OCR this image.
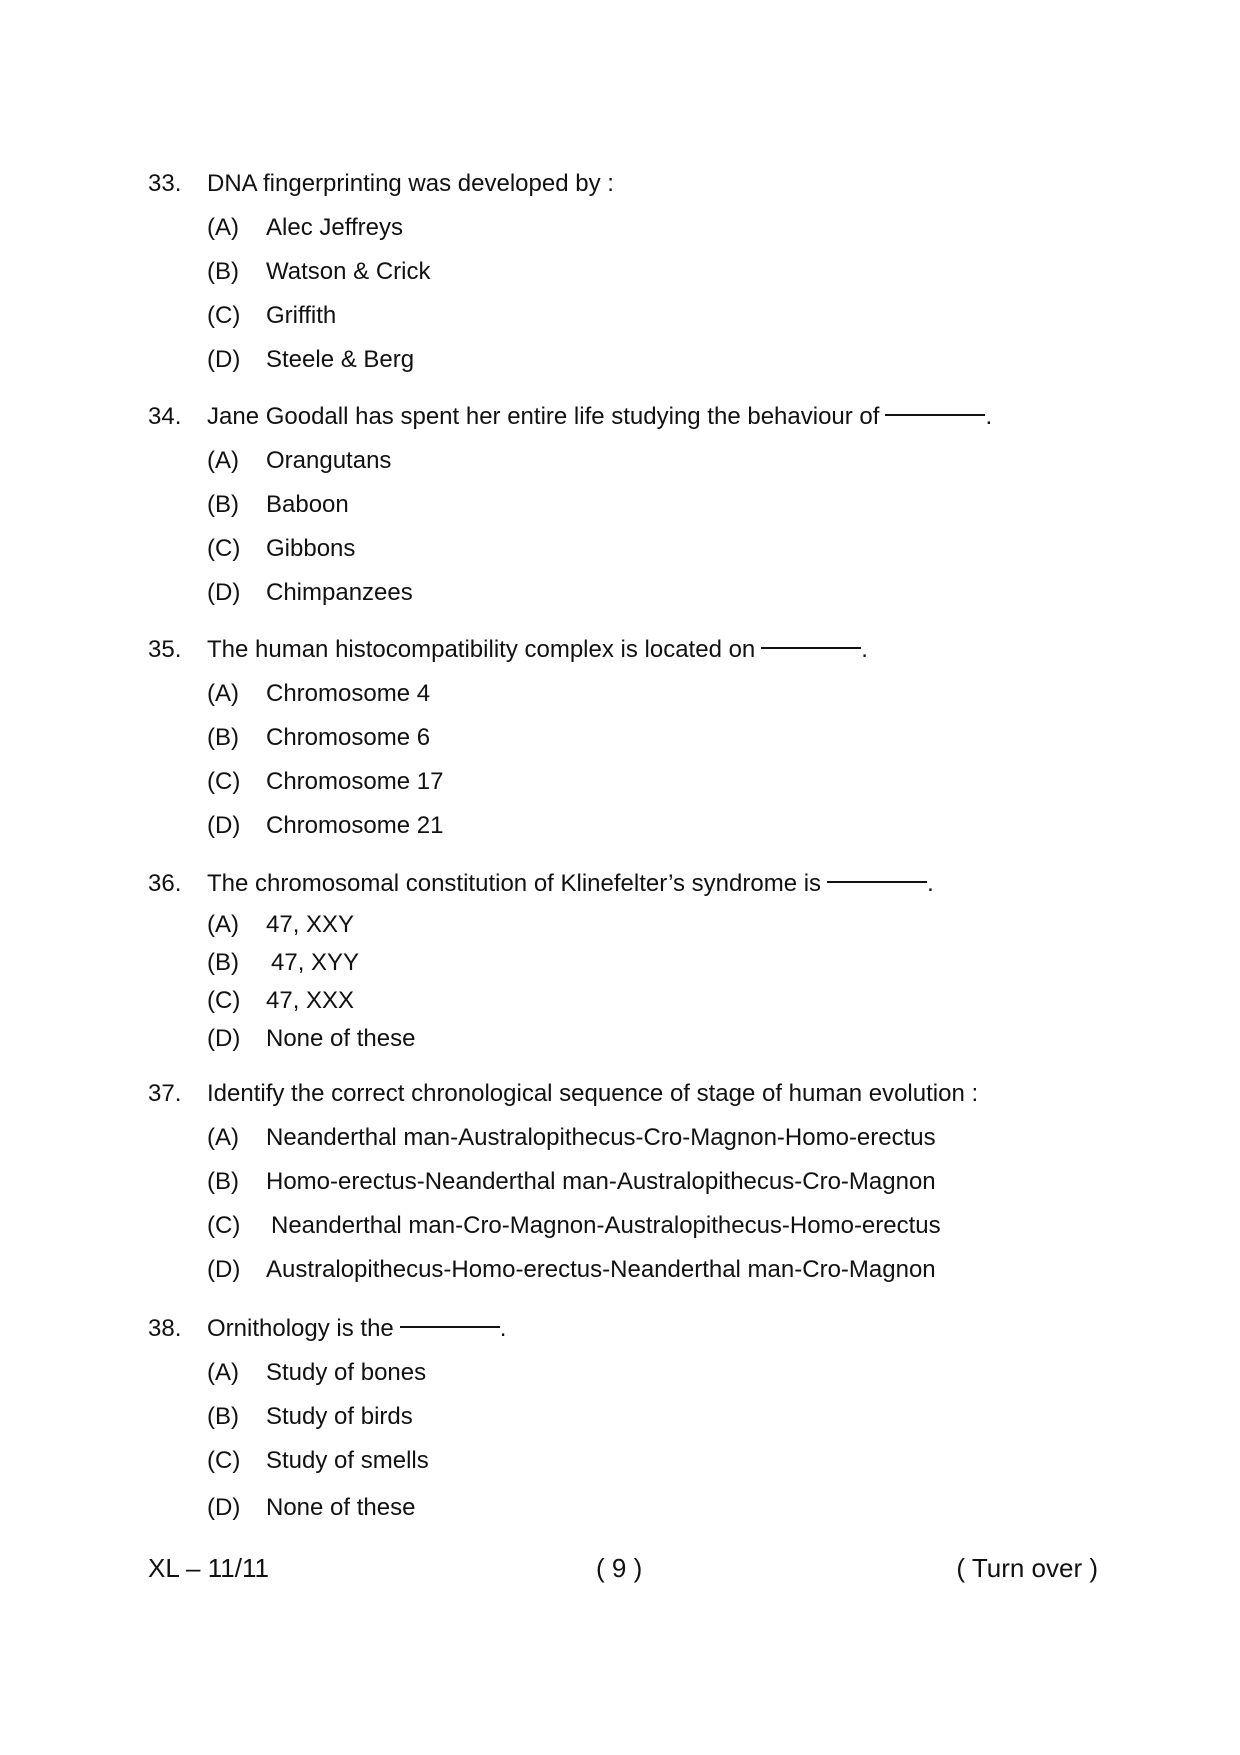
33.	DNA fingerprinting was developed by :
(A)	Alec Jeffreys
(B)	Watson & Crick
(C)	Griffith
(D)	Steele & Berg
34.	Jane Goodall has spent her entire life studying the behaviour of	.
(A)	Orangutans
(B)	Baboon
(C)	Gibbons
(D)	Chimpanzees
35.	The human histocompatibility complex is located on	.
(A)	Chromosome 4
(B)	Chromosome 6
(C)	Chromosome 17
(D)	Chromosome 21
36.	The chromosomal constitution of Klinefelter’s syndrome is	.
(A)	47, XXY
(B)	47, XYY
(C)	47, XXX
(D)	None of these
37.	Identify the correct chronological sequence of stage of human evolution :
(A)	Neanderthal man-Australopithecus-Cro-Magnon-Homo-erectus
(B)	Homo-erectus-Neanderthal man-Australopithecus-Cro-Magnon
(C)	Neanderthal man-Cro-Magnon-Australopithecus-Homo-erectus
(D)	Australopithecus-Homo-erectus-Neanderthal man-Cro-Magnon
38.	Ornithology is the	.
(A)	Study of bones
(B)	Study of birds
(C)	Study of smells
(D)	None of these
XL – 11/11	( 9 )	( Turn over )
